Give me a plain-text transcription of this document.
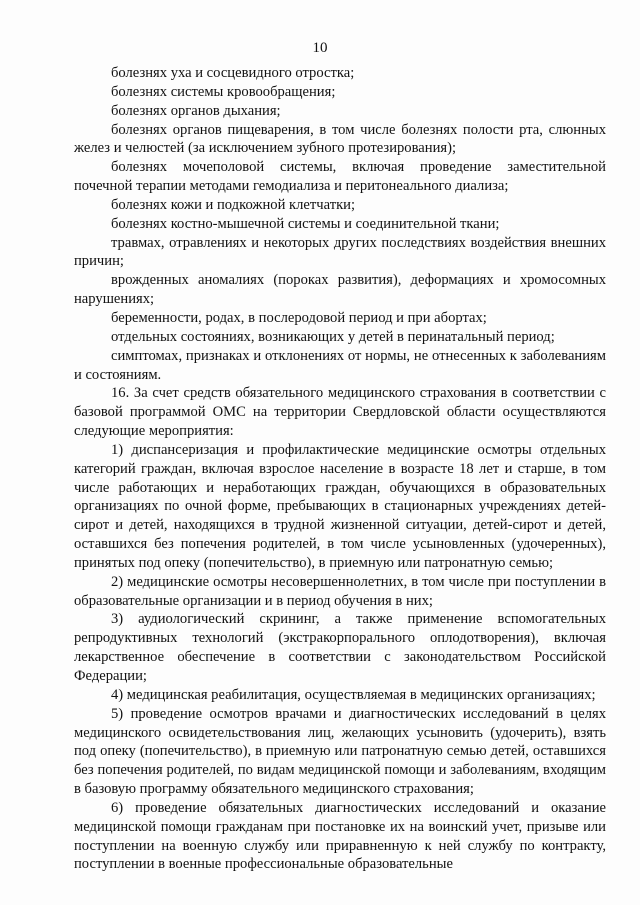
10

болезнях уха и сосцевидного отростка;

болезнях системы кровообращения;

болезнях органов дыхания;

болезнях органов пищеварения, в том числе болезнях полости рта, слюнных желез и челюстей (за исключением зубного протезирования);

болезнях мочеполовой системы, включая проведение заместительной почечной терапии методами гемодиализа и перитонеального диализа;

болезнях кожи и подкожной клетчатки;

болезнях костно-мышечной системы и соединительной ткани;

травмах, отравлениях и некоторых других последствиях воздействия внешних причин;

врожденных аномалиях (пороках развития), деформациях и хромосомных нарушениях;

беременности, родах, в послеродовой период и при абортах;

отдельных состояниях, возникающих у детей в перинатальный период;

симптомах, признаках и отклонениях от нормы, не отнесенных к заболеваниям и состояниям.

16. За счет средств обязательного медицинского страхования в соответствии с базовой программой ОМС на территории Свердловской области осуществляются следующие мероприятия:

1) диспансеризация и профилактические медицинские осмотры отдельных категорий граждан, включая взрослое население в возрасте 18 лет и старше, в том числе работающих и неработающих граждан, обучающихся в образовательных организациях по очной форме, пребывающих в стационарных учреждениях детей-сирот и детей, находящихся в трудной жизненной ситуации, детей-сирот и детей, оставшихся без попечения родителей, в том числе усыновленных (удочеренных), принятых под опеку (попечительство), в приемную или патронатную семью;

2) медицинские осмотры несовершеннолетних, в том числе при поступлении в образовательные организации и в период обучения в них;

3) аудиологический скрининг, а также применение вспомогательных репродуктивных технологий (экстракорпорального оплодотворения), включая лекарственное обеспечение в соответствии с законодательством Российской Федерации;

4) медицинская реабилитация, осуществляемая в медицинских организациях;

5) проведение осмотров врачами и диагностических исследований в целях медицинского освидетельствования лиц, желающих усыновить (удочерить), взять под опеку (попечительство), в приемную или патронатную семью детей, оставшихся без попечения родителей, по видам медицинской помощи и заболеваниям, входящим в базовую программу обязательного медицинского страхования;

6) проведение обязательных диагностических исследований и оказание медицинской помощи гражданам при постановке их на воинский учет, призыве или поступлении на военную службу или приравненную к ней службу по контракту, поступлении в военные профессиональные образовательные
